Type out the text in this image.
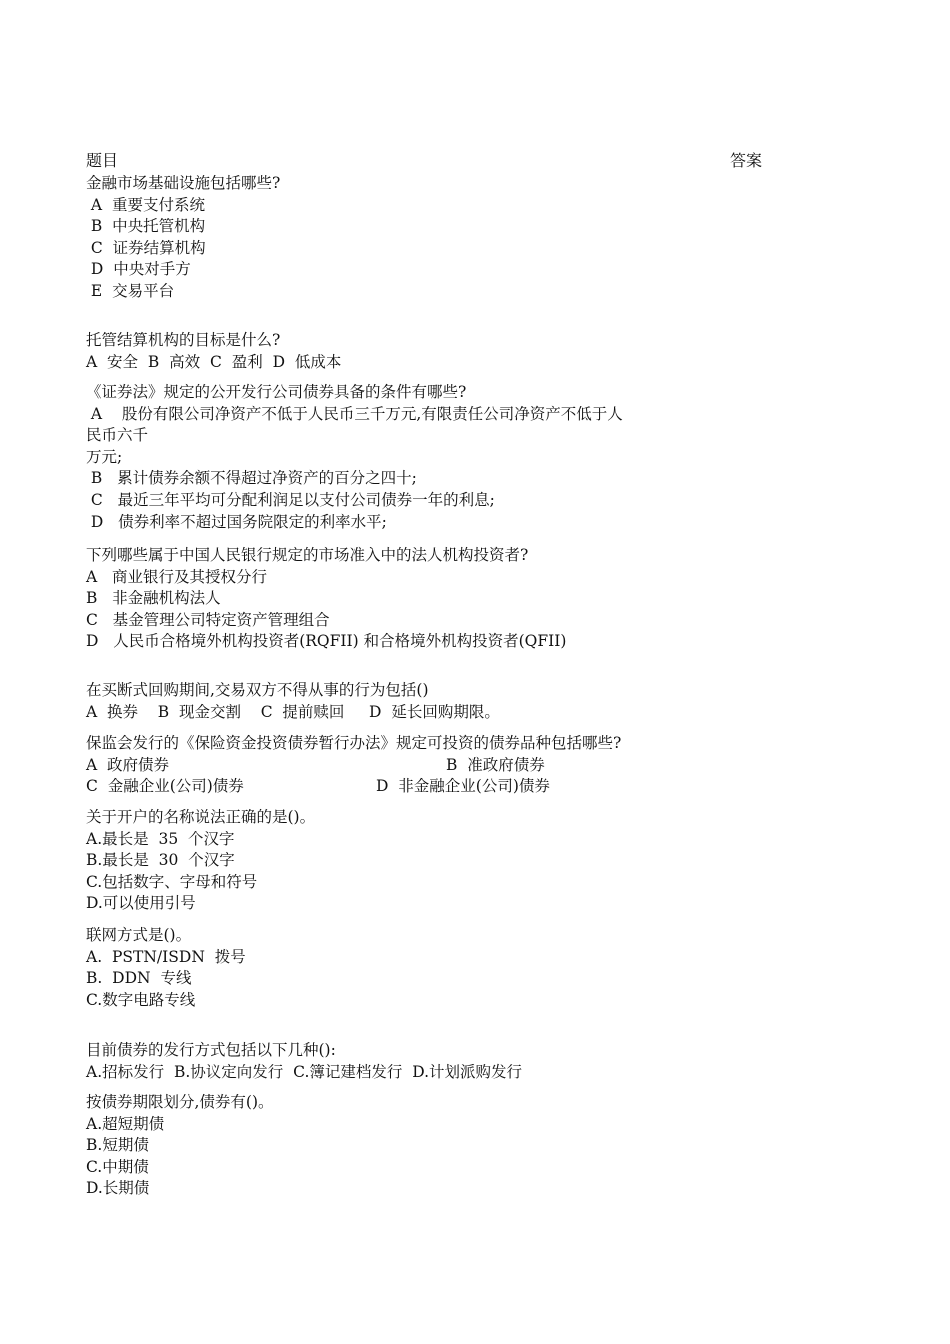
题目	答案
金融市场基础设施包括哪些?
A  重要支付系统
B  中央托管机构
C  证券结算机构
D  中央对手方
E  交易平台
托管结算机构的目标是什么?
A  安全  B  高效  C  盈利  D  低成本
《证券法》规定的公开发行公司债券具备的条件有哪些?
A    股份有限公司净资产不低于人民币三千万元,有限责任公司净资产不低于人
民币六千
万元;
B   累计债券余额不得超过净资产的百分之四十;
C   最近三年平均可分配利润足以支付公司债券一年的利息;
D   债券利率不超过国务院限定的利率水平;
下列哪些属于中国人民银行规定的市场准入中的法人机构投资者?
A   商业银行及其授权分行
B   非金融机构法人
C   基金管理公司特定资产管理组合
D   人民币合格境外机构投资者(RQFII) 和合格境外机构投资者(QFII)
在买断式回购期间,交易双方不得从事的行为包括()
A  换券    B  现金交割    C  提前赎回     D  延长回购期限。
保监会发行的《保险资金投资债券暂行办法》规定可投资的债券品种包括哪些?

A  政府债券

	B  准政府债券

C  金融企业(公司)债券

	D  非金融企业(公司)债券

关于开户的名称说法正确的是()。
A.最长是  35  个汉字
B.最长是  30  个汉字
C.包括数字、字母和符号
D.可以使用引号
联网方式是()。
A.  PSTN/ISDN  拨号
B.  DDN  专线
C.数字电路专线
目前债券的发行方式包括以下几种():
A.招标发行  B.协议定向发行  C.簿记建档发行  D.计划派购发行
按债券期限划分,债券有()。
A.超短期债
B.短期债
C.中期债
D.长期债
